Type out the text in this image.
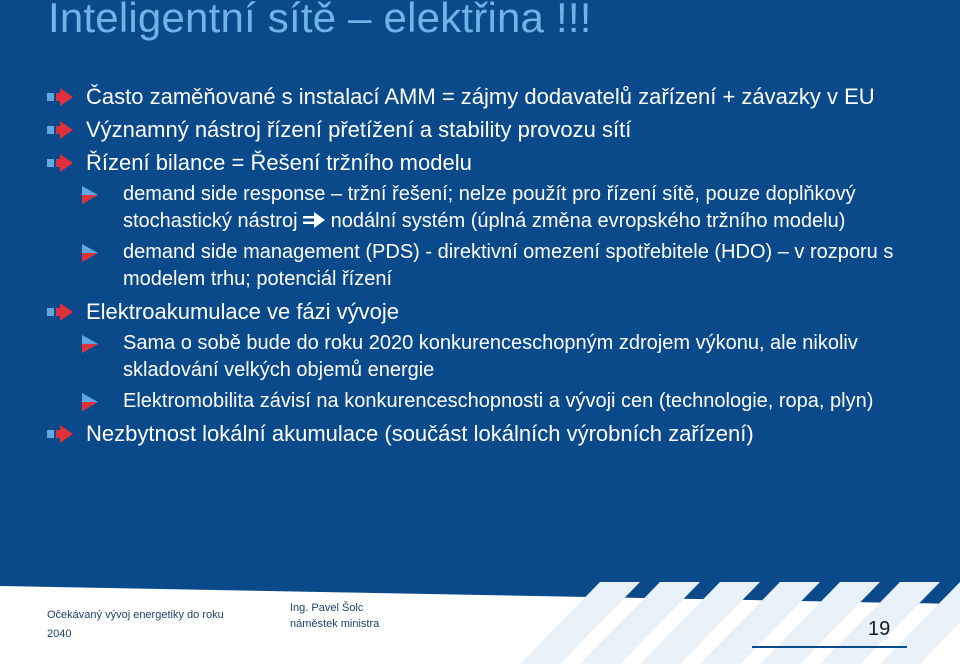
Inteligentní sítě – elektřina !!!
Často zaměňované s instalací AMM = zájmy dodavatelů zařízení + závazky v EU
Významný nástroj řízení přetížení a stability provozu sítí
Řízení bilance = Řešení tržního modelu
demand side response – tržní řešení; nelze použít pro řízení sítě, pouze doplňkový stochastický nástroj  nodální systém (úplná změna evropského tržního modelu)
demand side management (PDS) - direktivní omezení spotřebitele (HDO) – v rozporu s modelem trhu; potenciál řízení
Elektroakumulace ve fázi vývoje
Sama o sobě bude do roku 2020 konkurenceschopným zdrojem výkonu, ale nikoliv skladování velkých objemů energie
Elektromobilita závisí na konkurenceschopnosti a vývoji cen (technologie, ropa, plyn)
Nezbytnost lokální akumulace (součást lokálních výrobních zařízení)
Očekávaný vývoj energetiky do roku 2040
Ing. Pavel Šolc
náměstek ministra	19
